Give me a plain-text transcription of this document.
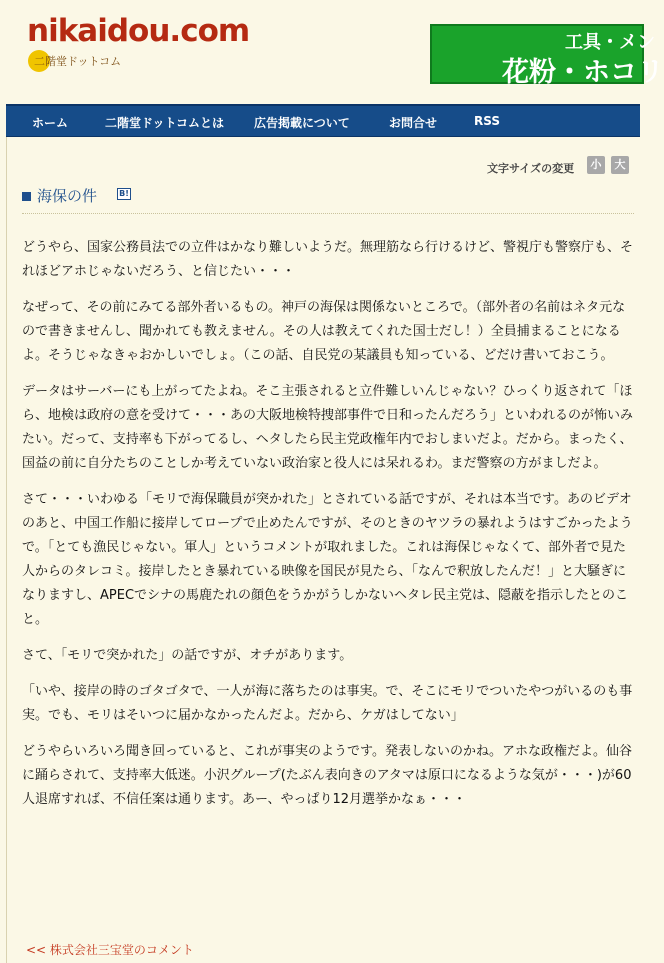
nikaidou.com
二階堂ドットコム
工具・メン
花粉・ホコリ
ホーム	二階堂ドットコムとは 広告掲載について	お問合せ	RSS
文字サイズの変更	小	大
海保の件	B!

どうやら、国家公務員法での立件はかなり難しいようだ。無理筋なら行けるけど、警視庁も警察庁も、それほどアホじゃないだろう、と信じたい・・・

なぜって、その前にみてる部外者いるもの。神戸の海保は関係ないところで。（部外者の名前はネタ元なので書きませんし、聞かれても教えません。その人は教えてくれた国士だし！）全員捕まることになるよ。そうじゃなきゃおかしいでしょ。（この話、自民党の某議員も知っている、どだけ書いておこう。

データはサーバーにも上がってたよね。そこ主張されると立件難しいんじゃない？ひっくり返されて「ほら、地検は政府の意を受けて・・・あの大阪地検特捜部事件で日和ったんだろう」といわれるのが怖いみたい。だって、支持率も下がってるし、ヘタしたら民主党政権年内でおしまいだよ。だから。まったく、国益の前に自分たちのことしか考えていない政治家と役人には呆れるわ。まだ警察の方がましだよ。

さて・・・いわゆる「モリで海保職員が突かれた」とされている話ですが、それは本当です。あのビデオのあと、中国工作船に接岸してロープで止めたんですが、そのときのヤツラの暴れようはすごかったようで。「とても漁民じゃない。軍人」というコメントが取れました。これは海保じゃなくて、部外者で見た人からのタレコミ。接岸したとき暴れている映像を国民が見たら、「なんで釈放したんだ！」と大騒ぎになりますし、APECでシナの馬鹿たれの顔色をうかがうしかないヘタレ民主党は、隠蔽を指示したとのこと。

さて、「モリで突かれた」の話ですが、オチがあります。

「いや、接岸の時のゴタゴタで、一人が海に落ちたのは事実。で、そこにモリでついたやつがいるのも事実。でも、モリはそいつに届かなかったんだよ。だから、ケガはしてない」

どうやらいろいろ聞き回っていると、これが事実のようです。発表しないのかね。アホな政権だよ。仙谷に踊らされて、支持率大低迷。小沢グループ(たぶん表向きのアタマは原口になるような気が・・・)が60人退席すれば、不信任案は通ります。あー、やっぱり12月選挙かなぁ・・・

<< 株式会社三宝堂のコメント
